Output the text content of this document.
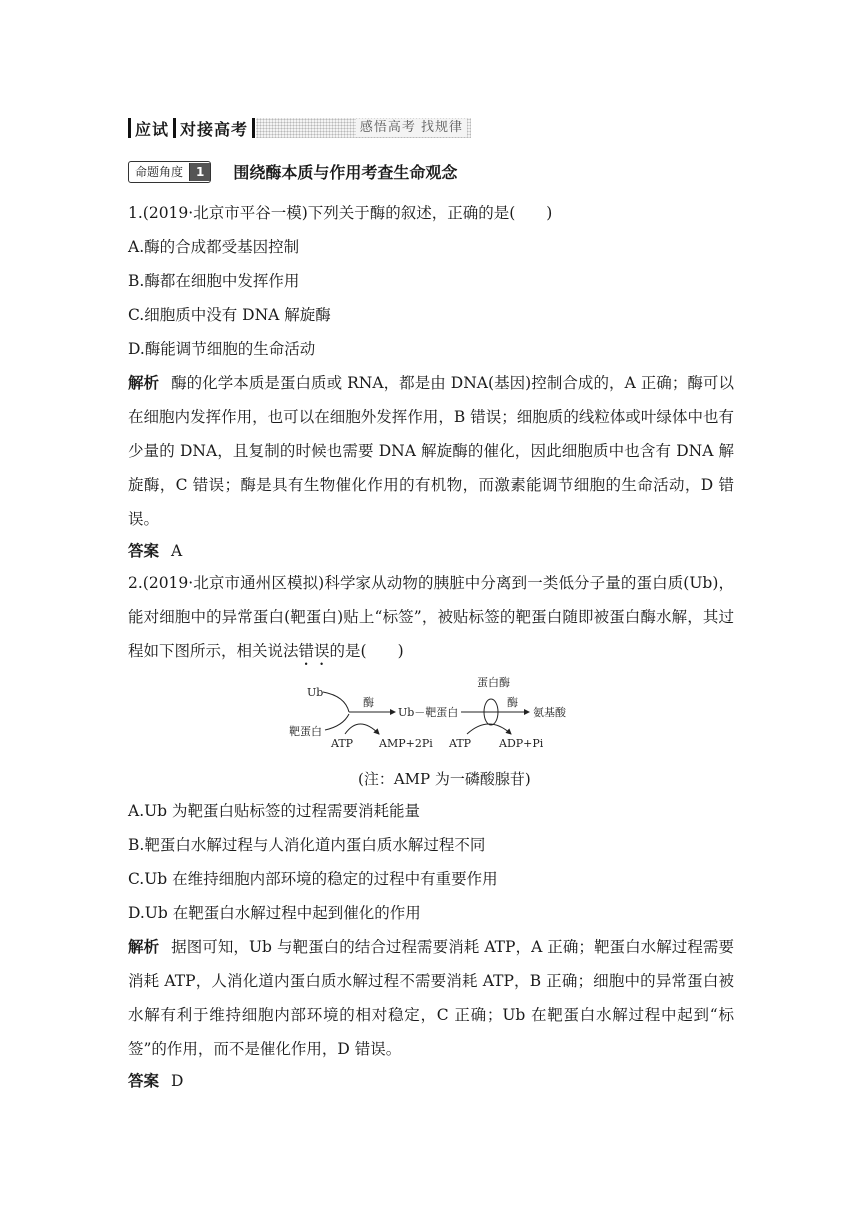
应试 对接高考	感悟高考 找规律
命题角度	1	围绕酶本质与作用考查生命观念
1.(2019·北京市平谷一模)下列关于酶的叙述，正确的是(　　)
A.酶的合成都受基因控制
B.酶都在细胞中发挥作用
C.细胞质中没有 DNA 解旋酶
D.酶能调节细胞的生命活动
解析 酶的化学本质是蛋白质或 RNA，都是由 DNA(基因)控制合成的，A 正确；酶可以在细胞内发挥作用，也可以在细胞外发挥作用，B 错误；细胞质的线粒体或叶绿体中也有少量的 DNA，且复制的时候也需要 DNA 解旋酶的催化，因此细胞质中也含有 DNA 解旋酶，C 错误；酶是具有生物催化作用的有机物，而激素能调节细胞的生命活动，D 错误。
答案 A
2.(2019·北京市通州区模拟)科学家从动物的胰脏中分离到一类低分子量的蛋白质(Ub)，能对细胞中的异常蛋白(靶蛋白)贴上“标签”，被贴标签的靶蛋白随即被蛋白酶水解，其过程如下图所示，相关说法错误的是(　　)
Ub
靶蛋白
酶
ATP AMP+2Pi
Ub－靶蛋白
蛋白酶
酶
氨基酸
ATP	ADP+Pi
(注：AMP 为一磷酸腺苷)
A.Ub 为靶蛋白贴标签的过程需要消耗能量
B.靶蛋白水解过程与人消化道内蛋白质水解过程不同
C.Ub 在维持细胞内部环境的稳定的过程中有重要作用
D.Ub 在靶蛋白水解过程中起到催化的作用
解析 据图可知，Ub 与靶蛋白的结合过程需要消耗 ATP，A 正确；靶蛋白水解过程需要消耗 ATP，人消化道内蛋白质水解过程不需要消耗 ATP，B 正确；细胞中的异常蛋白被水解有利于维持细胞内部环境的相对稳定，C 正确；Ub 在靶蛋白水解过程中起到“标签”的作用，而不是催化作用，D 错误。
答案 D
